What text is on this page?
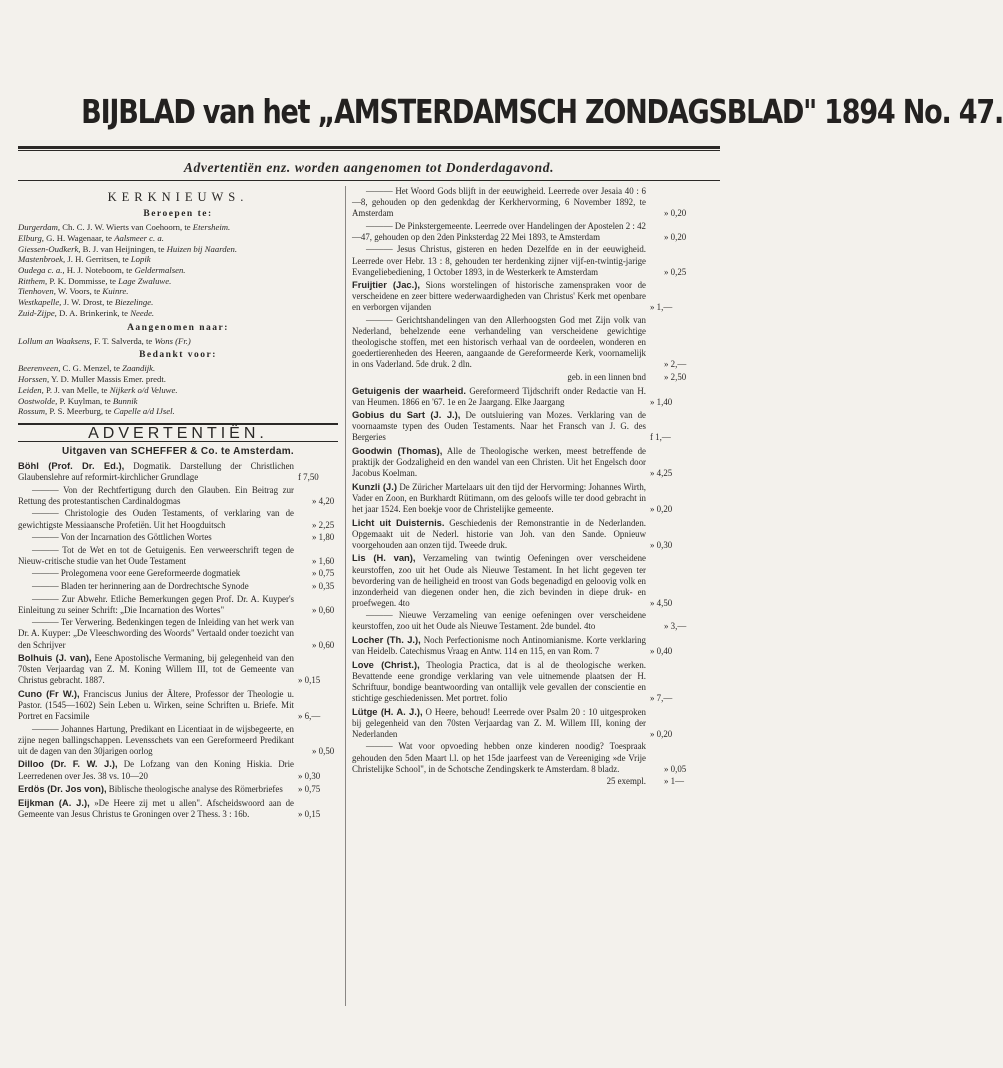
BIJBLAD van het „AMSTERDAMSCH ZONDAGSBLAD" 1894 No. 47.
Advertentiën enz. worden aangenomen tot Donderdagavond.
KERKNIEUWS.
Beroepen te:
Durgerdam, Ch. C. J. W. Wierts van Coehoorn, te Etersheim.
Elburg, G. H. Wagenaar, te Aalsmeer c. a.
Giessen-Oudkerk, B. J. van Heijningen, te Huizen bij Naarden.
Mastenbroek, J. H. Gerritsen, te Lopik
Oudega c. a., H. J. Noteboom, te Geldermalsen.
Ritthem, P. K. Dommisse, te Lage Zwaluwe.
Tienhoven, W. Voors, te Kuinre.
Westkapelle, J. W. Drost, te Biezelinge.
Zuid-Zijpe, D. A. Brinkerink, te Neede.
Aangenomen naar:
Lollum an Waaksens, F. T. Salverda, te Wons (Fr.)
Bedankt voor:
Beerenveen, C. G. Menzel, te Zaandijk.
Horssen, Y. D. Muller Massis Emer. predt.
Leiden, P. J. van Melle, te Nijkerk o/d Veluwe.
Oostwolde, P. Kuylman, te Bunnik
Rossum, P. S. Meerburg, te Capelle a/d IJsel.
ADVERTENTIËN.
Uitgaven van SCHEFFER & Co. te Amsterdam.
Böhl (Prof. Dr. Ed.), Dogmatik. Darstellung der Christlichen Glaubenslehre auf reformirt-kirchlicher Grundlage	f 7,50
——— Von der Rechtfertigung durch den Glauben. Ein Beitrag zur Rettung des protestantischen Cardinaldogmas	» 4,20
——— Christologie des Ouden Testaments, of verklaring van de gewichtigste Messiaansche Profetiën. Uit het Hoogduitsch	» 2,25
——— Von der Incarnation des Göttlichen Wortes	» 1,80
——— Tot de Wet en tot de Getuigenis. Een verweerschrift tegen de Nieuw-critische studie van het Oude Testament	» 1,60
——— Prolegomena voor eene Gereformeerde dogmatiek	» 0,75
——— Bladen ter herinnering aan de Dordrechtsche Synode	» 0,35
——— Zur Abwehr. Etliche Bemerkungen gegen Prof. Dr. A. Kuyper's Einleitung zu seiner Schrift: „Die Incarnation des Wortes"	» 0,60
——— Ter Verwering. Bedenkingen tegen de Inleiding van het werk van Dr. A. Kuyper: „De Vleeschwording des Woords" Vertaald onder toezicht van den Schrijver	» 0,60
Bolhuis (J. van), Eene Apostolische Vermaning, bij gelegenheid van den 70sten Verjaardag van Z. M. Koning Willem III, tot de Gemeente van Christus gebracht. 1887.	» 0,15
Cuno (Fr W.), Franciscus Junius der Ältere, Professor der Theologie u. Pastor. (1545—1602) Sein Leben u. Wirken, seine Schriften u. Briefe. Mit Portret en Facsimile	» 6,—
——— Johannes Hartung, Predikant en Licentiaat in de wijsbegeerte, en zijne negen ballingschappen. Levensschets van een Gereformeerd Predikant uit de dagen van den 30jarigen oorlog	» 0,50
Dilloo (Dr. F. W. J.), De Lofzang van den Koning Hiskia. Drie Leerredenen over Jes. 38 vs. 10—20	» 0,30
Erdös (Dr. Jos von), Biblische theologische analyse des Römerbriefes » 0,75
Eijkman (A. J.), »De Heere zij met u allen". Afscheidswoord aan de Gemeente van Jesus Christus te Groningen over 2 Thess. 3 : 16b.	» 0,15
——— Het Woord Gods blijft in der eeuwigheid. Leerrede over Jesaia 40 : 6—8, gehouden op den gedenkdag der Kerkhervorming, 6 November 1892, te Amsterdam	» 0,20
——— De Pinkstergemeente. Leerrede over Handelingen der Apostelen 2 : 42—47, gehouden op den 2den Pinksterdag 22 Mei 1893, te Amsterdam	» 0,20
——— Jesus Christus, gisteren en heden Dezelfde en in der eeuwigheid. Leerrede over Hebr. 13 : 8, gehouden ter herdenking zijner vijf-en-twintig-jarige Evangeliebediening, 1 October 1893, in de Westerkerk te Amsterdam	» 0,25
Fruijtier (Jac.), Sions worstelingen of historische zamenspraken voor de verscheidene en zeer bittere wederwaardigheden van Christus' Kerk met openbare en verborgen vijanden	» 1,—
——— Gerichtshandelingen van den Allerhoogsten God met Zijn volk van Nederland, behelzende eene verhandeling van verscheidene gewichtige theologische stoffen, met een historisch verhaal van de oordeelen, wonderen en goedertierenheden des Heeren, aangaande de Gereformeerde Kerk, voornamelijk in ons Vaderland. 5de druk. 2 dln.	» 2,—
geb. in een linnen bnd	» 2,50
Getuigenis der waarheid. Gereformeerd Tijdschrift onder Redactie van H. van Heumen. 1866 en '67. 1e en 2e Jaargang. Elke Jaargang	» 1,40
Gobius du Sart (J. J.), De outsluiering van Mozes. Verklaring van de voornaamste typen des Ouden Testaments. Naar het Fransch van J. G. des Bergeries	f 1,—
Goodwin (Thomas), Alle de Theologische werken, meest betreffende de praktijk der Godzaligheid en den wandel van een Christen. Uit het Engelsch door Jacobus Koelman.	» 4,25
Kunzli (J.) De Züricher Martelaars uit den tijd der Hervorming: Johannes Wirth, Vader en Zoon, en Burkhardt Rütimann, om des geloofs wille ter dood gebracht in het jaar 1524. Een boekje voor de Christelijke gemeente.	» 0,20
Licht uit Duisternis. Geschiedenis der Remonstrantie in de Nederlanden. Opgemaakt uit de Nederl. historie van Joh. van den Sande. Opnieuw voorgehouden aan onzen tijd. Tweede druk.	» 0,30
Lis (H. van), Verzameling van twintig Oefeningen over verscheidene keurstoffen, zoo uit het Oude als Nieuwe Testament. In het licht gegeven ter bevordering van de heiligheid en troost van Gods begenadigd en geloovig volk en inzonderheid van diegenen onder hen, die zich bevinden in diepe druk- en proefwegen. 4to	» 4,50
——— Nieuwe Verzameling van eenige oefeningen over verscheidene keurstoffen, zoo uit het Oude als Nieuwe Testament. 2de bundel. 4to	» 3,—
Locher (Th. J.), Noch Perfectionisme noch Antinomianisme. Korte verklaring van Heidelb. Catechismus Vraag en Antw. 114 en 115, en van Rom. 7	» 0,40
Love (Christ.), Theologia Practica, dat is al de theologische werken. Bevattende eene grondige verklaring van vele uitnemende plaatsen der H. Schriftuur, bondige beantwoording van ontallijk vele gevallen der conscientie en stichtige geschiedenissen. Met portret. folio	» 7,—
Lütge (H. A. J.), O Heere, behoud! Leerrede over Psalm 20 : 10 uitgesproken bij gelegenheid van den 70sten Verjaardag van Z. M. Willem III, koning der Nederlanden	» 0,20
——— Wat voor opvoeding hebben onze kinderen noodig? Toespraak gehouden den 5den Maart l.l. op het 15de jaarfeest van de Vereeniging »de Vrije Christelijke School", in de Schotsche Zendingskerk te Amsterdam. 8 bladz.	» 0,05
25 exempl.	» 1—
